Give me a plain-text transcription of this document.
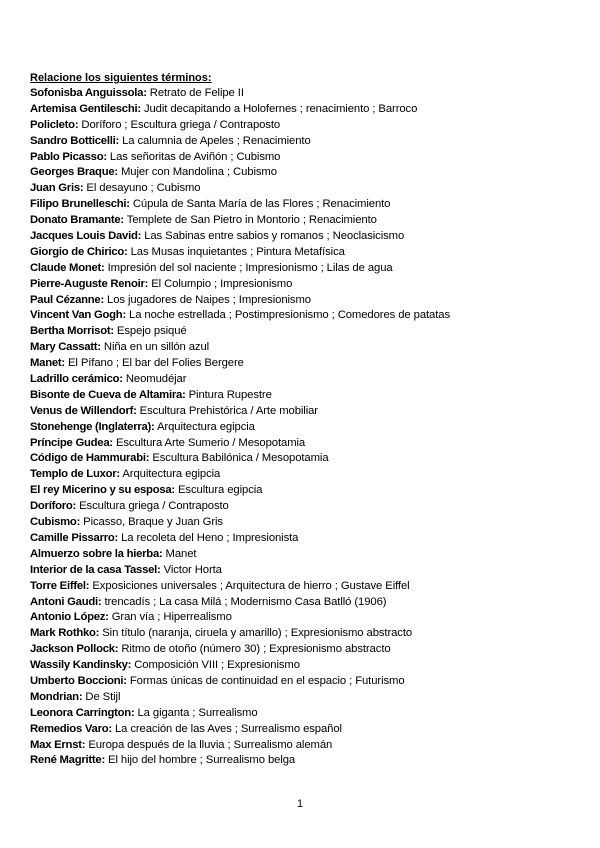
Relacione los siguientes términos:
Sofonisba Anguissola: Retrato de Felipe II
Artemisa Gentileschi: Judit decapitando a Holofernes ; renacimiento ; Barroco
Policleto: Doríforo ; Escultura griega / Contraposto
Sandro Botticelli: La calumnia de Apeles ; Renacimiento
Pablo Picasso: Las señoritas de Aviñón ; Cubismo
Georges Braque: Mujer con Mandolina ; Cubismo
Juan Gris: El desayuno ; Cubismo
Filipo Brunelleschi: Cúpula de Santa María de las Flores ; Renacimiento
Donato Bramante: Templete de San Pietro in Montorio ; Renacimiento
Jacques Louis David: Las Sabinas entre sabios y romanos ; Neoclasicismo
Giorgio de Chirico: Las Musas inquietantes ; Pintura Metafísica
Claude Monet: Impresión del sol naciente ; Impresionismo ; Lilas de agua
Pierre-Auguste Renoir: El Columpio ; Impresionismo
Paul Cézanne: Los jugadores de Naipes ; Impresionismo
Vincent Van Gogh: La noche estrellada ; Postimpresionismo ; Comedores de patatas
Bertha Morrisot: Espejo psiqué
Mary Cassatt: Niña en un sillón azul
Manet: El Pífano ; El bar del Folies Bergere
Ladrillo cerámico: Neomudéjar
Bisonte de Cueva de Altamira: Pintura Rupestre
Venus de Willendorf: Escultura Prehistórica / Arte mobiliar
Stonehenge (Inglaterra): Arquitectura egipcia
Príncipe Gudea: Escultura Arte Sumerio / Mesopotamia
Código de Hammurabi: Escultura Babilónica / Mesopotamia
Templo de Luxor: Arquitectura egipcia
El rey Micerino y su esposa: Escultura egipcia
Doríforo: Escultura griega / Contraposto
Cubismo: Picasso, Braque y Juan Gris
Camille Pissarro: La recoleta del Heno ; Impresionista
Almuerzo sobre la hierba: Manet
Interior de la casa Tassel: Victor Horta
Torre Eiffel: Exposiciones universales ; Arquitectura de hierro ; Gustave Eiffel
Antoni Gaudi: trencadís ; La casa Milá ; Modernismo Casa Batlló (1906)
Antonio López: Gran vía ; Hiperrealismo
Mark Rothko: Sin título (naranja, ciruela y amarillo) ; Expresionismo abstracto
Jackson Pollock: Ritmo de otoño (número 30) ; Expresionismo abstracto
Wassily Kandinsky: Composición VIII ; Expresionismo
Umberto Boccioni: Formas únicas de continuidad en el espacio ; Futurismo
Mondrian: De Stijl
Leonora Carrington: La giganta ; Surrealismo
Remedios Varo: La creación de las Aves ; Surrealismo español
Max Ernst: Europa después de la lluvia ; Surrealismo alemán
René Magritte: El hijo del hombre ; Surrealismo belga
1
